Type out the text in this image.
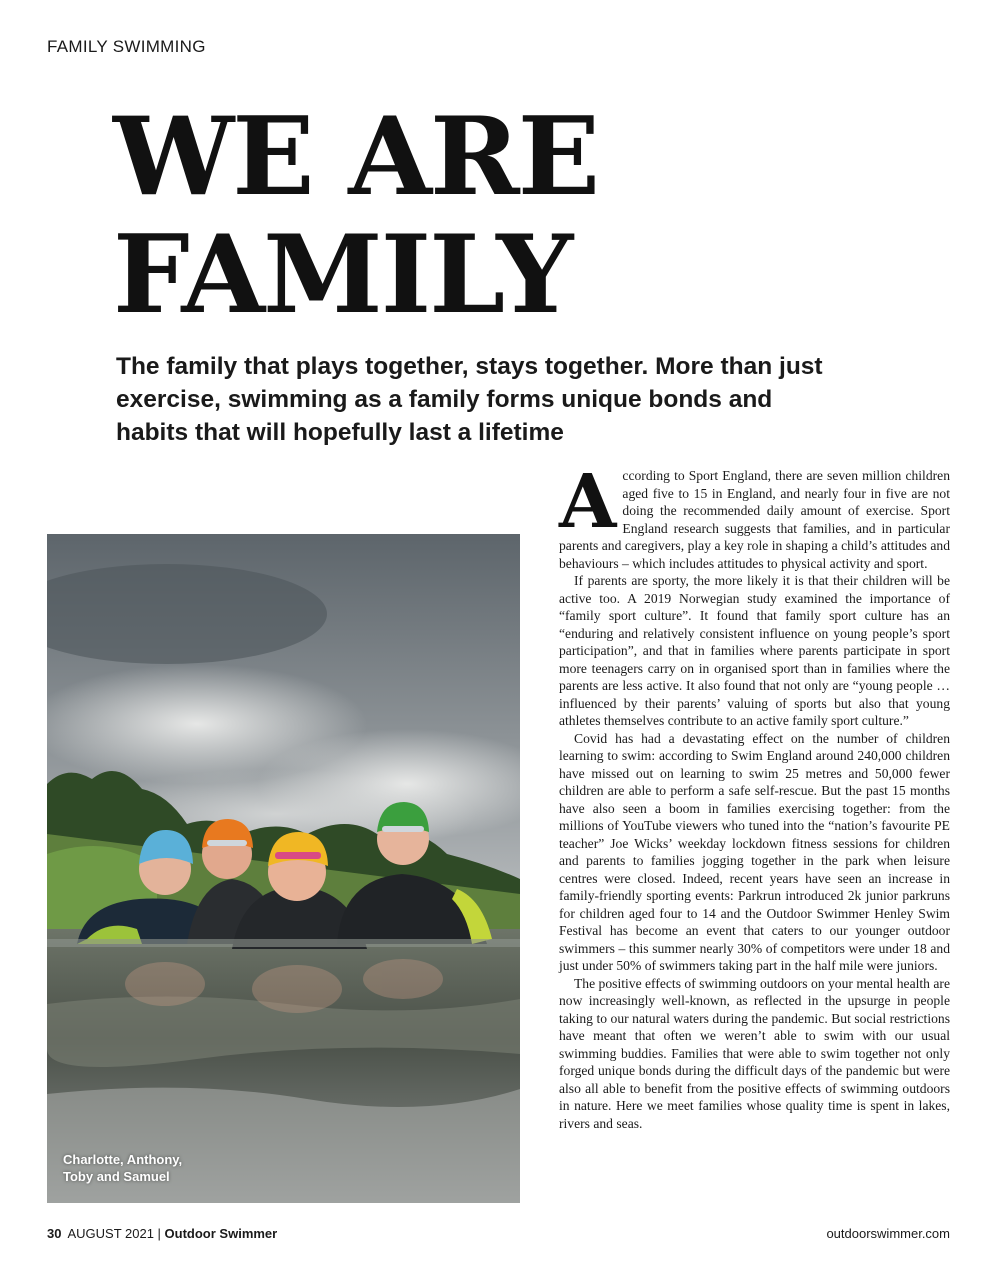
FAMILY SWIMMING
WE ARE
FAMILY

The family that plays together, stays together. More than just exercise, swimming as a family forms unique bonds and habits that will hopefully last a lifetime

Charlotte, Anthony, Toby and Samuel

According to Sport England, there are seven million children aged five to 15 in England, and nearly four in five are not doing the recommended daily amount of exercise. Sport England research suggests that families, and in particular parents and caregivers, play a key role in shaping a child’s attitudes and behaviours – which includes attitudes to physical activity and sport.

If parents are sporty, the more likely it is that their children will be active too. A 2019 Norwegian study examined the importance of “family sport culture”. It found that family sport culture has an “enduring and relatively consistent influence on young people’s sport participation”, and that in families where parents participate in sport more teenagers carry on in organised sport than in families where the parents are less active. It also found that not only are “young people … influenced by their parents’ valuing of sports but also that young athletes themselves contribute to an active family sport culture.”

Covid has had a devastating effect on the number of children learning to swim: according to Swim England around 240,000 children have missed out on learning to swim 25 metres and 50,000 fewer children are able to perform a safe self-rescue. But the past 15 months have also seen a boom in families exercising together: from the millions of YouTube viewers who tuned into the “nation’s favourite PE teacher” Joe Wicks’ weekday lockdown fitness sessions for children and parents to families jogging together in the park when leisure centres were closed. Indeed, recent years have seen an increase in family-friendly sporting events: Parkrun introduced 2k junior parkruns for children aged four to 14 and the Outdoor Swimmer Henley Swim Festival has become an event that caters to our younger outdoor swimmers – this summer nearly 30% of competitors were under 18 and just under 50% of swimmers taking part in the half mile were juniors.

The positive effects of swimming outdoors on your mental health are now increasingly well-known, as reflected in the upsurge in people taking to our natural waters during the pandemic. But social restrictions have meant that often we weren’t able to swim with our usual swimming buddies. Families that were able to swim together not only forged unique bonds during the difficult days of the pandemic but were also all able to benefit from the positive effects of swimming outdoors in nature. Here we meet families whose quality time is spent in lakes, rivers and seas.

30 AUGUST 2021 | Outdoor Swimmer	outdoorswimmer.com
